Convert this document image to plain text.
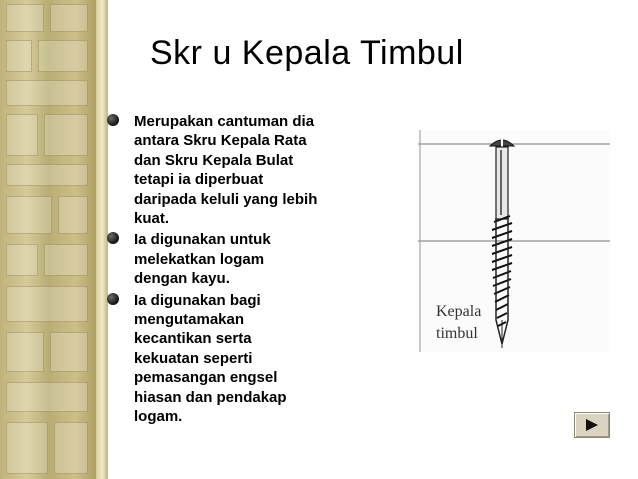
Skr u Kepala Timbul
Merupakan cantuman dia
antara Skru Kepala Rata
dan Skru Kepala Bulat
tetapi ia diperbuat
daripada keluli yang lebih
kuat.
Ia digunakan untuk
melekatkan logam
dengan kayu.
Ia digunakan bagi
mengutamakan
kecantikan serta
kekuatan seperti
pemasangan engsel
hiasan dan pendakap
logam.
Kepala
timbul
